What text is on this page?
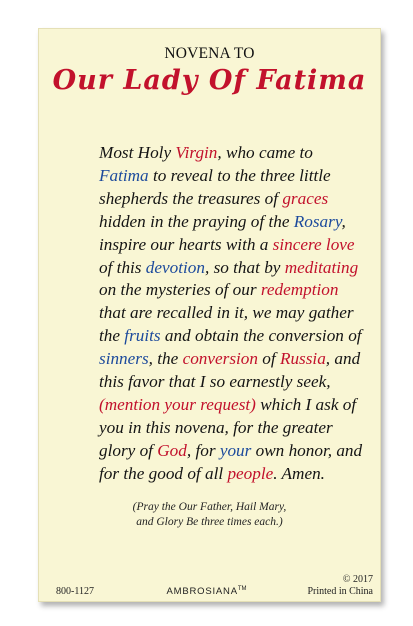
NOVENA TO
Our Lady Of Fatima
Most Holy Virgin, who came to
Fatima to reveal to the three little
shepherds the treasures of graces
hidden in the praying of the Rosary,
inspire our hearts with a sincere love
of this devotion, so that by meditating
on the mysteries of our redemption
that are recalled in it, we may gather
the fruits and obtain the conversion of
sinners, the conversion of Russia, and
this favor that I so earnestly seek,
(mention your request) which I ask of
you in this novena, for the greater
glory of God, for your own honor, and
for the good of all people. Amen.
(Pray the Our Father, Hail Mary,
and Glory Be three times each.)
800-1127	AMBROSIANA™
© 2017
Printed in China
